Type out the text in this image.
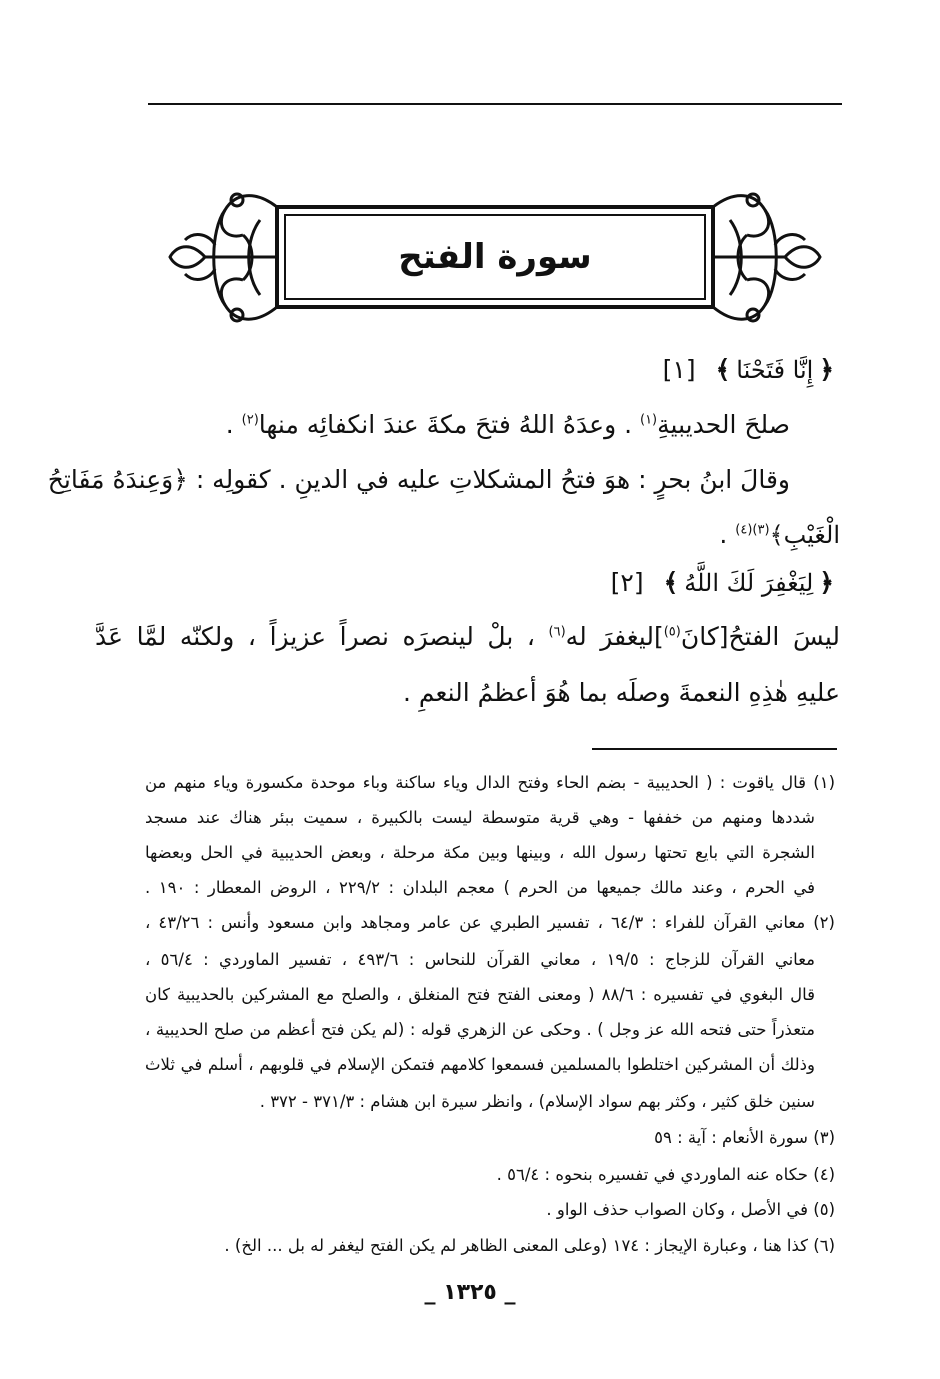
سورة الفتح
﴿إِنَّا فَتَحْنَا﴾[١]
صلحَ الحديبيةِ$^{(١)}$ . وعدَهُ اللهُ فتحَ مكةَ عندَ انكفائِه منها$^{(٢)}$ .
وقالَ ابنُ بحرٍ : هوَ فتحُ المشكلاتِ عليه في الدينِ . كقولِه : ﴿وَعِندَهُ مَفَاتِحُ
الْغَيْبِ﴾$^{(٣)(٤)}$ .
﴿لِيَغْفِرَ لَكَ اللَّهُ﴾[٢]
ليسَ الفتحُ[كانَ$^{(٥)}$]ليغفرَ له$^{(٦)}$ ، بلْ لينصرَه نصراً عزيزاً ، ولكنّه لمَّا عَدَّ
عليهِ هٰذِهِ النعمةَ وصلَه بما هُوَ أعظمُ النعمِ .
(١) قال ياقوت : ( الحديبية - بضم الحاء وفتح الدال وياء ساكنة وباء موحدة مكسورة وياء منهم من
شددها ومنهم من خففها - وهي قرية متوسطة ليست بالكبيرة ، سميت ببئر هناك عند مسجد
الشجرة التي بايع تحتها رسول الله ، وبينها وبين مكة مرحلة ، وبعض الحديبية في الحل وبعضها
في الحرم ، وعند مالك جميعها من الحرم ) معجم البلدان : ٢٢٩/٢ ، الروض المعطار : ١٩٠ .
(٢) معاني القرآن للفراء : ٦٤/٣ ، تفسير الطبري عن عامر ومجاهد وابن مسعود وأنس : ٤٣/٢٦ ،
معاني القرآن للزجاج : ١٩/٥ ، معاني القرآن للنحاس : ٤٩٣/٦ ، تفسير الماوردي : ٥٦/٤ ،
قال البغوي في تفسيره : ٨٨/٦ ( ومعنى الفتح فتح المنغلق ، والصلح مع المشركين بالحديبية كان
متعذراً حتى فتحه الله عز وجل ) . وحكى عن الزهري قوله : (لم يكن فتح أعظم من صلح الحديبية ،
وذلك أن المشركين اختلطوا بالمسلمين فسمعوا كلامهم فتمكن الإسلام في قلوبهم ، أسلم في ثلاث
سنين خلق كثير ، وكثر بهم سواد الإسلام) ، وانظر سيرة ابن هشام : ٣٧١/٣ - ٣٧٢ .
(٣) سورة الأنعام : آية : ٥٩
(٤) حكاه عنه الماوردي في تفسيره بنحوه : ٥٦/٤ .
(٥) في الأصل ، وكان الصواب حذف الواو .
(٦) كذا هنا ، وعبارة الإيجاز : ١٧٤ (وعلى المعنى الظاهر لم يكن الفتح ليغفر له بل ... الخ) .
_ ١٣٢٥ _
